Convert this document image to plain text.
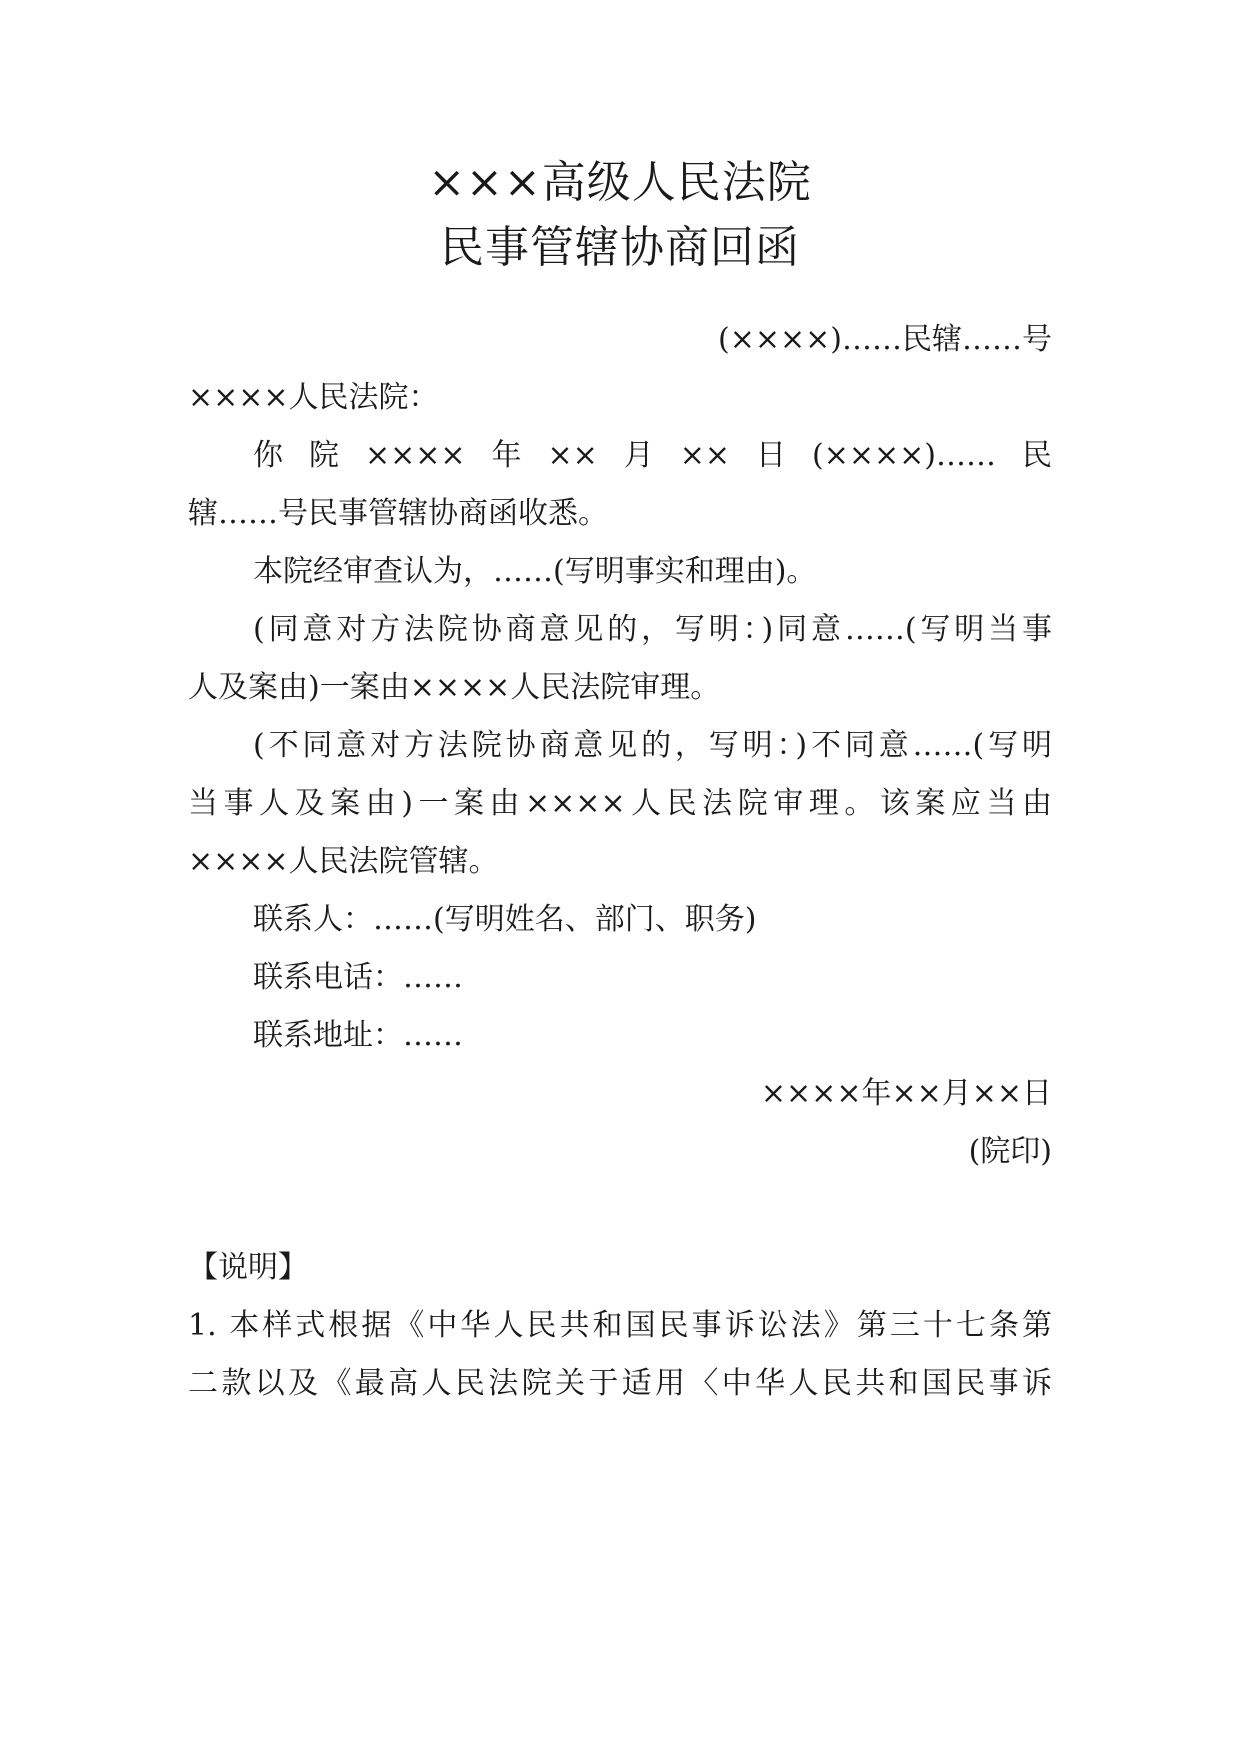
×××高级人民法院
民事管辖协商回函
(××××)……民辖……号
××××人民法院：
你院××××年××月××日(××××)……民
辖……号民事管辖协商函收悉。
本院经审查认为，……(写明事实和理由)。
(同意对方法院协商意见的，写明：)同意……(写明当事
人及案由)一案由××××人民法院审理。
(不同意对方法院协商意见的，写明：)不同意……(写明
当事人及案由)一案由××××人民法院审理。该案应当由
××××人民法院管辖。
联系人：……(写明姓名、部门、职务)
联系电话：……
联系地址：……
××××年××月××日
(院印)
【说明】
1. 本样式根据《中华人民共和国民事诉讼法》第三十七条第
二款以及《最高人民法院关于适用〈中华人民共和国民事诉
